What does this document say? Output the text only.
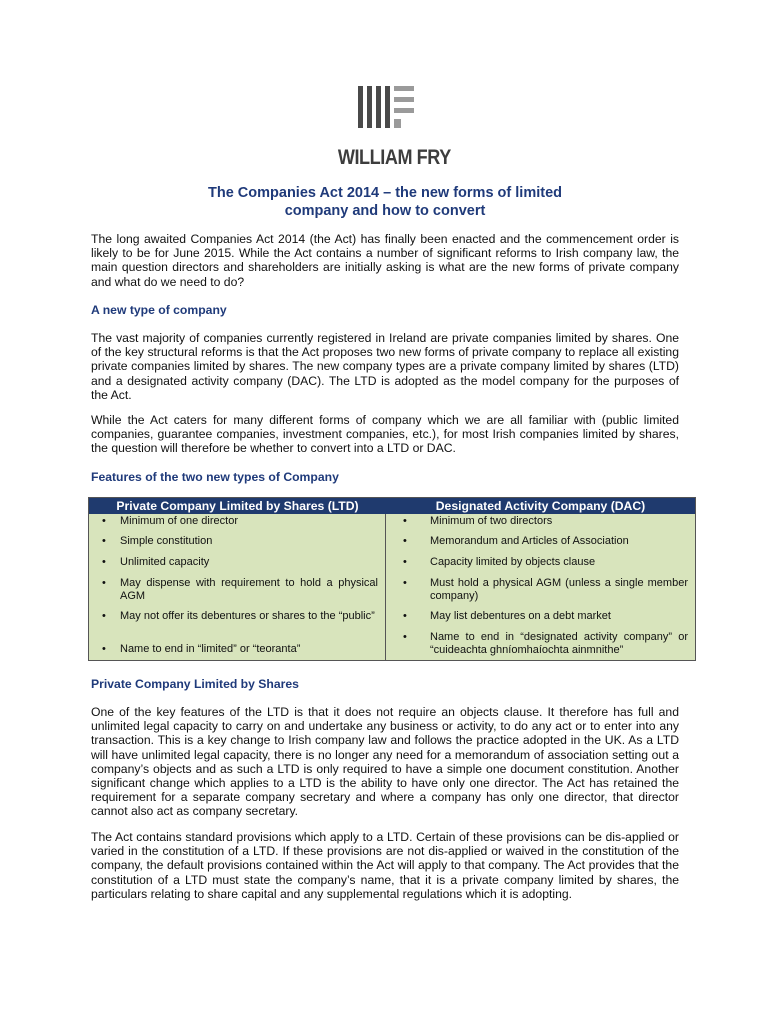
WILLIAM FRY
The Companies Act 2014 – the new forms of limited
company and how to convert

The long awaited Companies Act 2014 (the Act) has finally been enacted and the commencement order is likely to be for June 2015. While the Act contains a number of significant reforms to Irish company law, the main question directors and shareholders are initially asking is what are the new forms of private company and what do we need to do?

A new type of company

The vast majority of companies currently registered in Ireland are private companies limited by shares. One of the key structural reforms is that the Act proposes two new forms of private company to replace all existing private companies limited by shares. The new company types are a private company limited by shares (LTD) and a designated activity company (DAC). The LTD is adopted as the model company for the purposes of the Act.

While the Act caters for many different forms of company which we are all familiar with (public limited companies, guarantee companies, investment companies, etc.), for most Irish companies limited by shares, the question will therefore be whether to convert into a LTD or DAC.

Features of the two new types of Company

Private Company Limited by Shares (LTD)	Designated Activity Company (DAC)
• Minimum of one director
• Simple constitution
• Unlimited capacity
• May dispense with requirement to hold a physical AGM
• May not offer its debentures or shares to the “public”
• Name to end in “limited” or “teoranta”
• Minimum of two directors
• Memorandum and Articles of Association
• Capacity limited by objects clause
• Must hold a physical AGM (unless a single member company)
• May list debentures on a debt market
• Name to end in “designated activity company” or “cuideachta ghníomhaíochta ainmnithe”

Private Company Limited by Shares

One of the key features of the LTD is that it does not require an objects clause. It therefore has full and unlimited legal capacity to carry on and undertake any business or activity, to do any act or to enter into any transaction. This is a key change to Irish company law and follows the practice adopted in the UK. As a LTD will have unlimited legal capacity, there is no longer any need for a memorandum of association setting out a company’s objects and as such a LTD is only required to have a simple one document constitution. Another significant change which applies to a LTD is the ability to have only one director. The Act has retained the requirement for a separate company secretary and where a company has only one director, that director cannot also act as company secretary.

The Act contains standard provisions which apply to a LTD. Certain of these provisions can be dis-applied or varied in the constitution of a LTD. If these provisions are not dis-applied or waived in the constitution of the company, the default provisions contained within the Act will apply to that company. The Act provides that the constitution of a LTD must state the company’s name, that it is a private company limited by shares, the particulars relating to share capital and any supplemental regulations which it is adopting.
